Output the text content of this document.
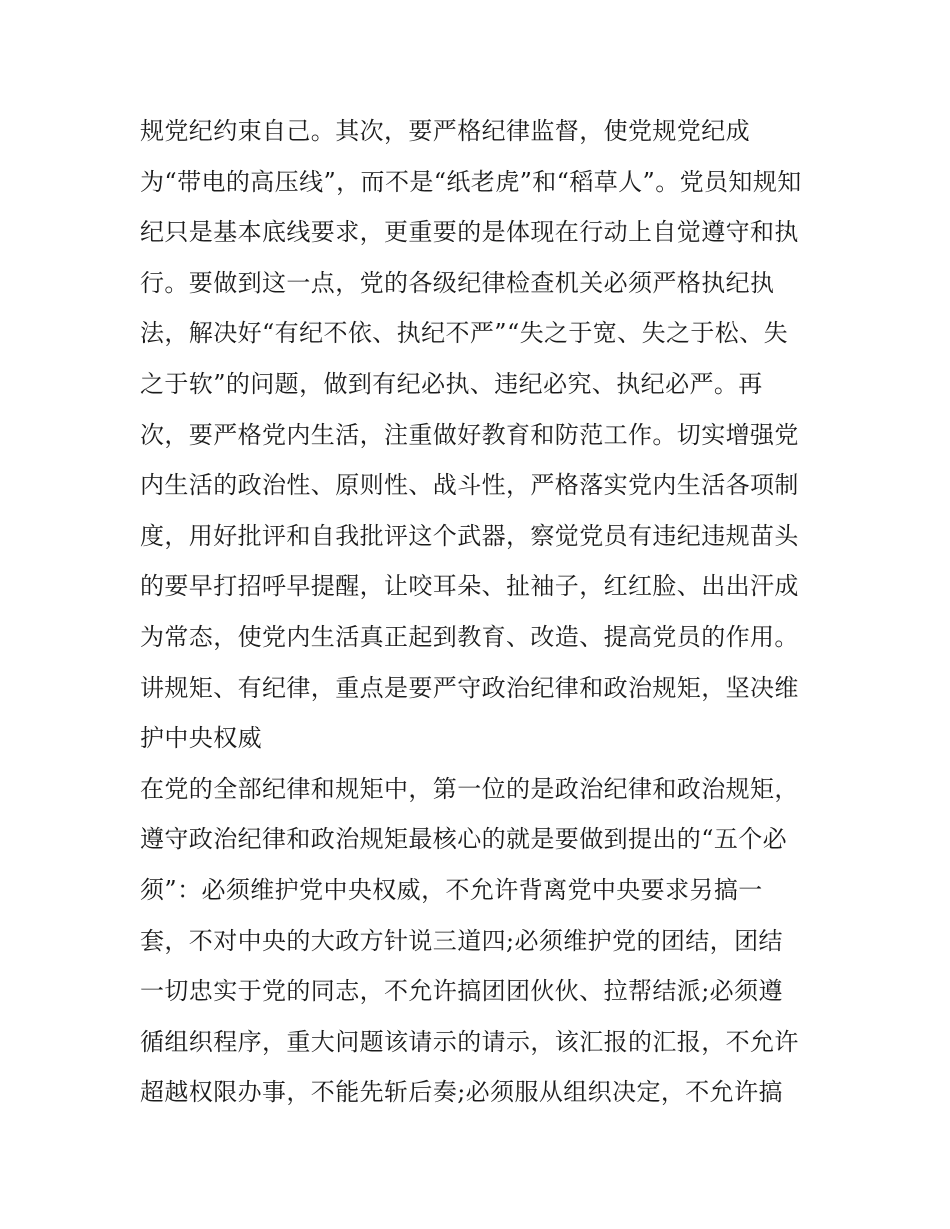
规党纪约束自己。其次，要严格纪律监督，使党规党纪成
为“带电的高压线”，而不是“纸老虎”和“稻草人”。党员知规知
纪只是基本底线要求，更重要的是体现在行动上自觉遵守和执
行。要做到这一点，党的各级纪律检查机关必须严格执纪执
法，解决好“有纪不依、执纪不严”“失之于宽、失之于松、失
之于软”的问题，做到有纪必执、违纪必究、执纪必严。再
次，要严格党内生活，注重做好教育和防范工作。切实增强党
内生活的政治性、原则性、战斗性，严格落实党内生活各项制
度，用好批评和自我批评这个武器，察觉党员有违纪违规苗头
的要早打招呼早提醒，让咬耳朵、扯袖子，红红脸、出出汗成
为常态，使党内生活真正起到教育、改造、提高党员的作用。
讲规矩、有纪律，重点是要严守政治纪律和政治规矩，坚决维
护中央权威
在党的全部纪律和规矩中，第一位的是政治纪律和政治规矩，
遵守政治纪律和政治规矩最核心的就是要做到提出的“五个必
须”：必须维护党中央权威，不允许背离党中央要求另搞一
套，不对中央的大政方针说三道四;必须维护党的团结，团结
一切忠实于党的同志，不允许搞团团伙伙、拉帮结派;必须遵
循组织程序，重大问题该请示的请示，该汇报的汇报，不允许
超越权限办事，不能先斩后奏;必须服从组织决定，不允许搞
